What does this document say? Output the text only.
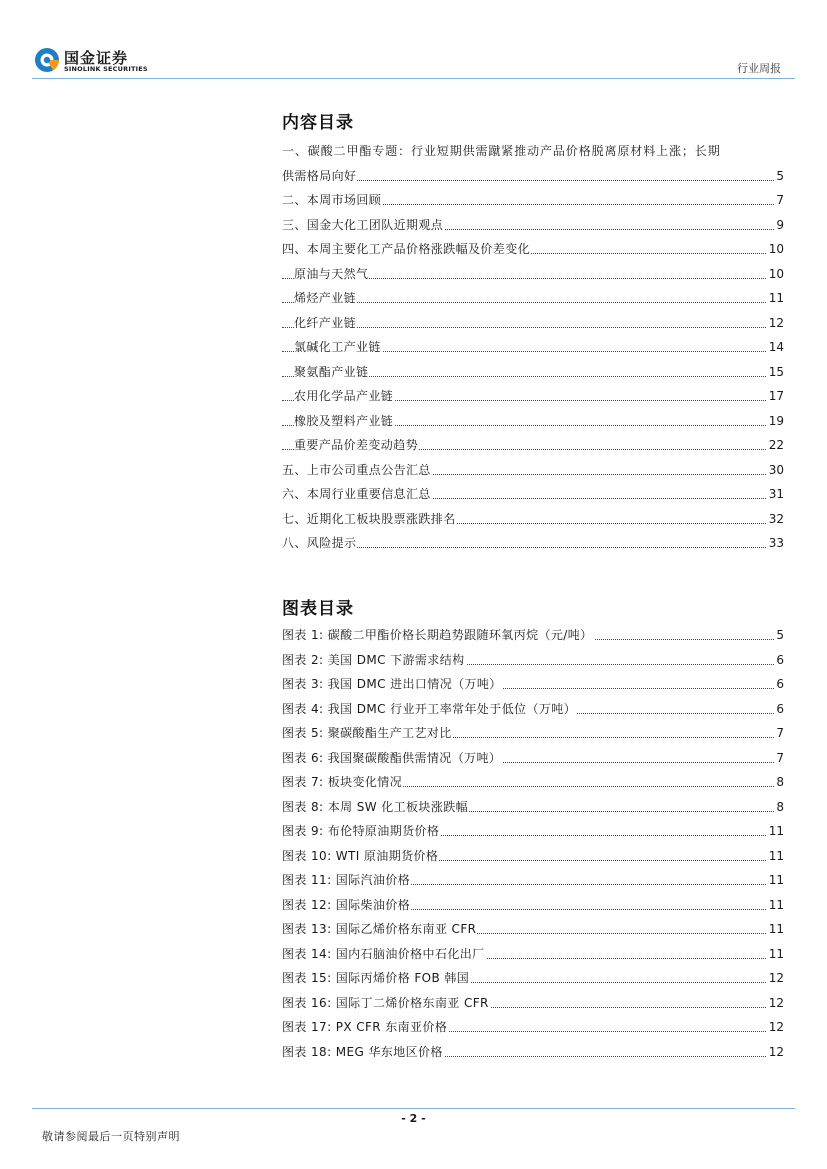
国金证券
SINOLINK SECURITIES	行业周报
内容目录
一、碳酸二甲酯专题：行业短期供需蹴紧推动产品价格脱离原材料上涨；长期
供需格局向好	5
二、本周市场回顾	7
三、国金大化工团队近期观点	9
四、本周主要化工产品价格涨跌幅及价差变化	10
原油与天然气	10
烯烃产业链	11
化纤产业链	12
氯碱化工产业链	14
聚氨酯产业链	15
农用化学品产业链	17
橡胶及塑料产业链	19
重要产品价差变动趋势	22
五、上市公司重点公告汇总	30
六、本周行业重要信息汇总	31
七、近期化工板块股票涨跌排名	32
八、风险提示	33
图表目录
图表 1: 碳酸二甲酯价格长期趋势跟随环氧丙烷（元/吨）	5
图表 2: 美国 DMC 下游需求结构	6
图表 3: 我国 DMC 进出口情况（万吨）	6
图表 4: 我国 DMC 行业开工率常年处于低位（万吨）	6
图表 5: 聚碳酸酯生产工艺对比	7
图表 6: 我国聚碳酸酯供需情况（万吨）	7
图表 7: 板块变化情况	8
图表 8: 本周 SW 化工板块涨跌幅	8
图表 9: 布伦特原油期货价格	11
图表 10: WTI 原油期货价格	11
图表 11: 国际汽油价格	11
图表 12: 国际柴油价格	11
图表 13: 国际乙烯价格东南亚 CFR	11
图表 14: 国内石脑油价格中石化出厂	11
图表 15: 国际丙烯价格 FOB 韩国	12
图表 16: 国际丁二烯价格东南亚 CFR	12
图表 17: PX CFR 东南亚价格	12
图表 18: MEG 华东地区价格	12
- 2 -
敬请参阅最后一页特别声明
